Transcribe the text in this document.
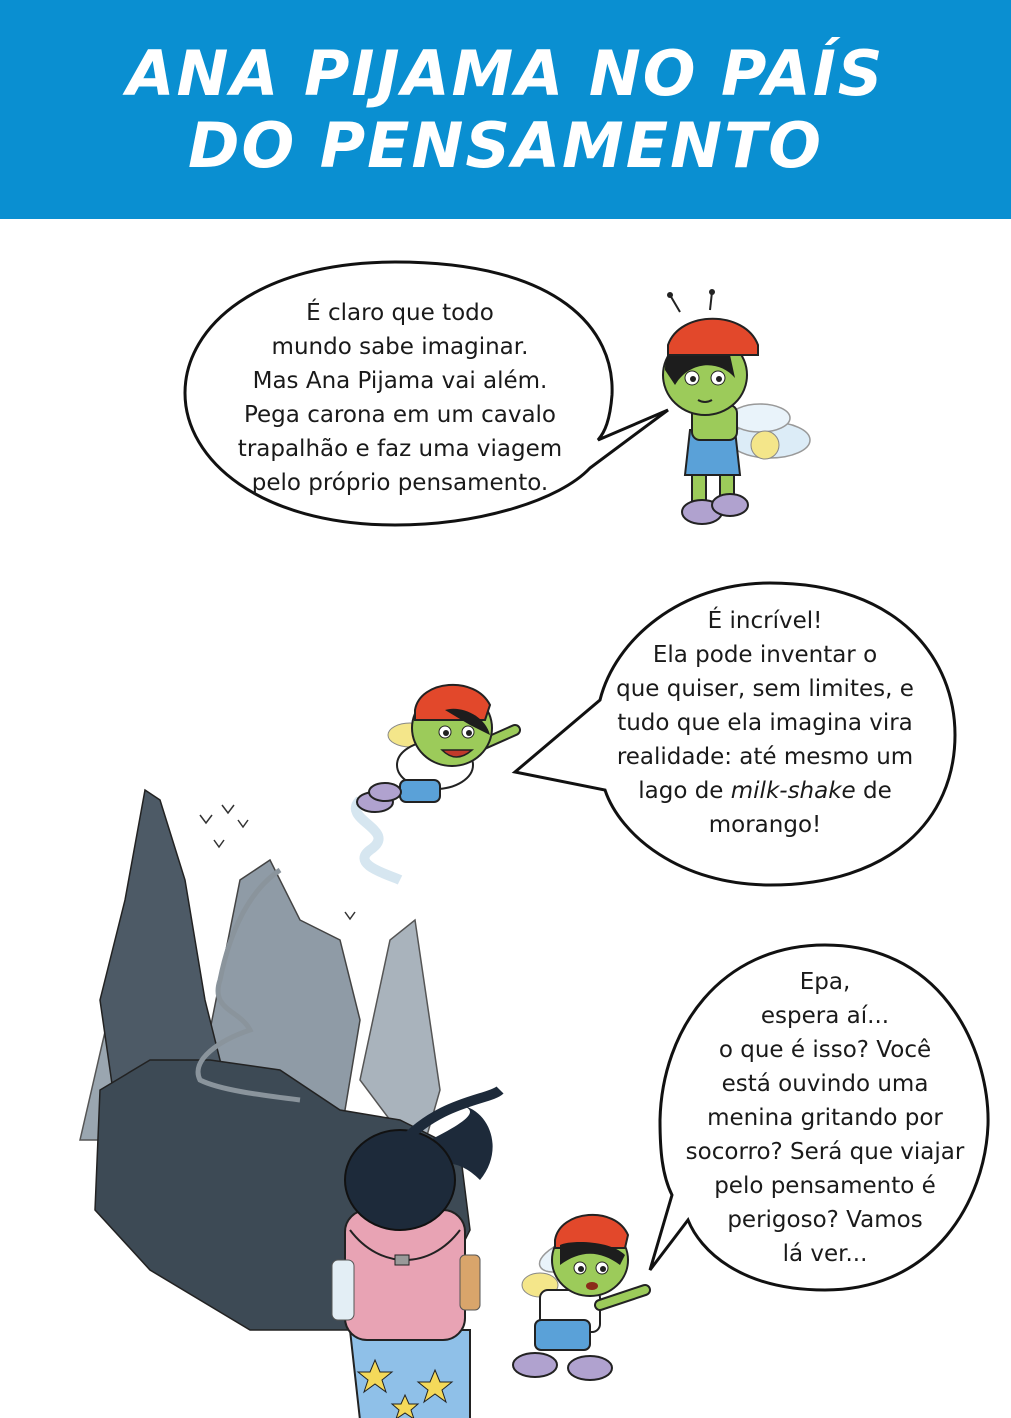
ANA PIJAMA NO PAÍS
DO PENSAMENTO
É claro que todo
mundo sabe imaginar.
Mas Ana Pijama vai além.
Pega carona em um cavalo
trapalhão e faz uma viagem
pelo próprio pensamento.
É incrível!
Ela pode inventar o
que quiser, sem limites, e
tudo que ela imagina vira
realidade: até mesmo um
lago de milk-shake de
morango!
Epa,
espera aí...
o que é isso? Você
está ouvindo uma
menina gritando por
socorro? Será que viajar
pelo pensamento é
perigoso? Vamos
lá ver...
